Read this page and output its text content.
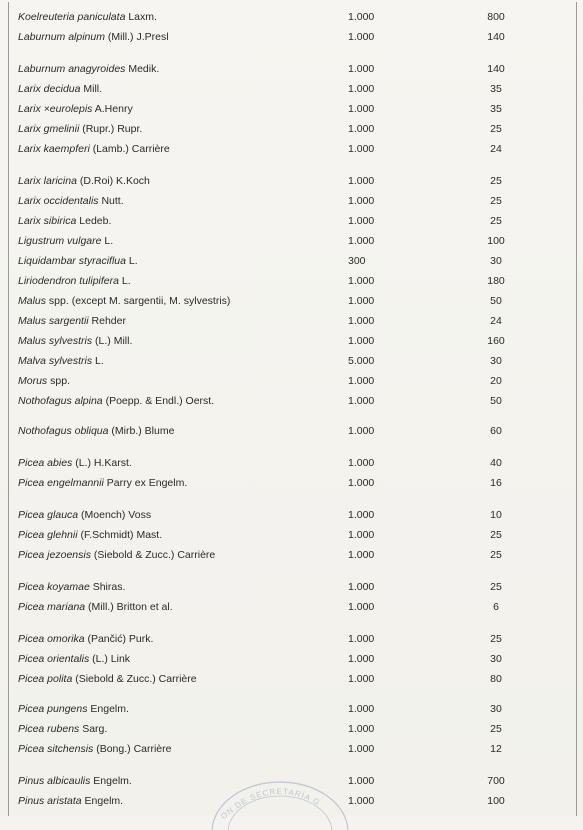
Koelreuteria paniculata Laxm.	1.000	800
Laburnum alpinum (Mill.) J.Presl	1.000	140
Laburnum anagyroides Medik.	1.000	140
Larix decidua Mill.	1.000	35
Larix ×eurolepis A.Henry	1.000	35
Larix gmelinii (Rupr.) Rupr.	1.000	25
Larix kaempferi (Lamb.) Carrière	1.000	24
Larix laricina (D.Roi) K.Koch	1.000	25
Larix occidentalis Nutt.	1.000	25
Larix sibirica Ledeb.	1.000	25
Ligustrum vulgare L.	1.000	100
Liquidambar styraciflua L.	300	30
Liriodendron tulipifera L.	1.000	180
Malus spp. (except M. sargentii, M. sylvestris)	1.000	50
Malus sargentii Rehder	1.000	24
Malus sylvestris (L.) Mill.	1.000	160
Malva sylvestris L.	5.000	30
Morus spp.	1.000	20
Nothofagus alpina (Poepp. & Endl.) Oerst.	1.000	50
Nothofagus obliqua (Mirb.) Blume	1.000	60
Picea abies (L.) H.Karst.	1.000	40
Picea engelmannii Parry ex Engelm.	1.000	16
Picea glauca (Moench) Voss	1.000	10
Picea glehnii (F.Schmidt) Mast.	1.000	25
Picea jezoensis (Siebold & Zucc.) Carrière	1.000	25
Picea koyamae Shiras.	1.000	25
Picea mariana (Mill.) Britton et al.	1.000	6
Picea omorika (Pančić) Purk.	1.000	25
Picea orientalis (L.) Link	1.000	30
Picea polita (Siebold & Zucc.) Carrière	1.000	80
Picea pungens Engelm.	1.000	30
Picea rubens Sarg.	1.000	25
Picea sitchensis (Bong.) Carrière	1.000	12
Pinus albicaulis Engelm.	1.000	700
Pinus aristata Engelm.	1.000	100
ON DE SECRETARÍA G
